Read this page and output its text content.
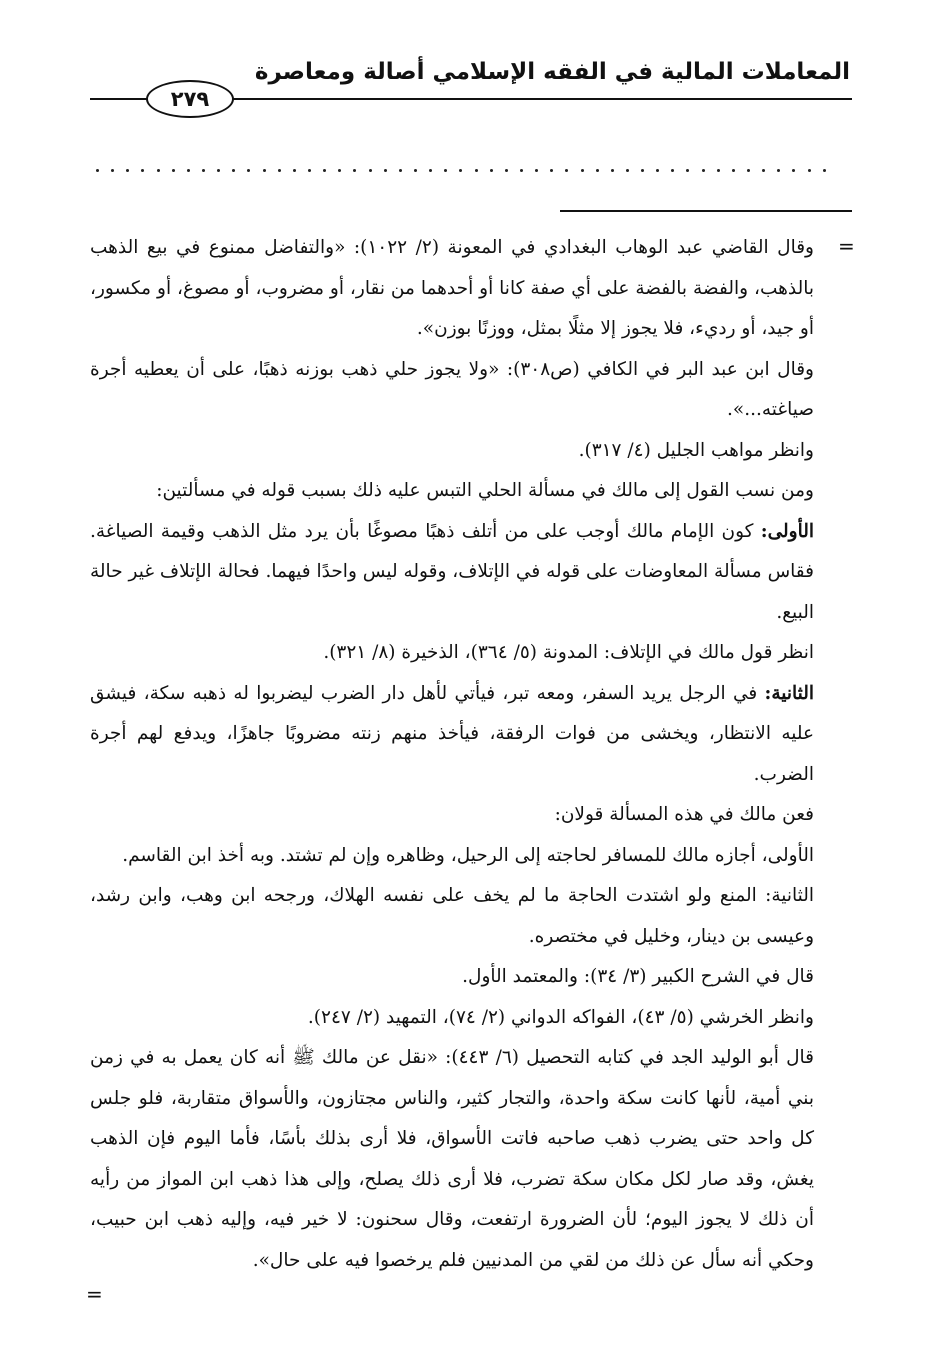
المعاملات المالية في الفقه الإسلامي أصالة ومعاصرة
٢٧٩
=
=

وقال القاضي عبد الوهاب البغدادي في المعونة (٢/ ١٠٢٢): «والتفاضل ممنوع في بيع الذهب بالذهب، والفضة بالفضة على أي صفة كانا أو أحدهما من نقار، أو مضروب، أو مصوغ، أو مكسور، أو جيد، أو رديء، فلا يجوز إلا مثلًا بمثل، ووزنًا بوزن».

وقال ابن عبد البر في الكافي (ص٣٠٨): «ولا يجوز حلي ذهب بوزنه ذهبًا، على أن يعطيه أجرة صياغته...».

وانظر مواهب الجليل (٤/ ٣١٧).

ومن نسب القول إلى مالك في مسألة الحلي التبس عليه ذلك بسبب قوله في مسألتين:

الأولى: كون الإمام مالك أوجب على من أتلف ذهبًا مصوغًا بأن يرد مثل الذهب وقيمة الصياغة. فقاس مسألة المعاوضات على قوله في الإتلاف، وقوله ليس واحدًا فيهما. فحالة الإتلاف غير حالة البيع.

انظر قول مالك في الإتلاف: المدونة (٥/ ٣٦٤)، الذخيرة (٨/ ٣٢١).

الثانية: في الرجل يريد السفر، ومعه تبر، فيأتي لأهل دار الضرب ليضربوا له ذهبه سكة، فيشق عليه الانتظار، ويخشى من فوات الرفقة، فيأخذ منهم زنته مضروبًا جاهزًا، ويدفع لهم أجرة الضرب.

فعن مالك في هذه المسألة قولان:

الأولى، أجازه مالك للمسافر لحاجته إلى الرحيل، وظاهره وإن لم تشتد. وبه أخذ ابن القاسم.

الثانية: المنع ولو اشتدت الحاجة ما لم يخف على نفسه الهلاك، ورجحه ابن وهب، وابن رشد، وعيسى بن دينار، وخليل في مختصره.

قال في الشرح الكبير (٣/ ٣٤): والمعتمد الأول.

وانظر الخرشي (٥/ ٤٣)، الفواكه الدواني (٢/ ٧٤)، التمهيد (٢/ ٢٤٧).

قال أبو الوليد الجد في كتابه التحصيل (٦/ ٤٤٣): «نقل عن مالك ﷺ أنه كان يعمل به في زمن بني أمية، لأنها كانت سكة واحدة، والتجار كثير، والناس مجتازون، والأسواق متقاربة، فلو جلس كل واحد حتى يضرب ذهب صاحبه فاتت الأسواق، فلا أرى بذلك بأسًا، فأما اليوم فإن الذهب يغش، وقد صار لكل مكان سكة تضرب، فلا أرى ذلك يصلح، وإلى هذا ذهب ابن المواز من رأيه أن ذلك لا يجوز اليوم؛ لأن الضرورة ارتفعت، وقال سحنون: لا خير فيه، وإليه ذهب ابن حبيب، وحكي أنه سأل عن ذلك من لقي من المدنيين فلم يرخصوا فيه على حال».
